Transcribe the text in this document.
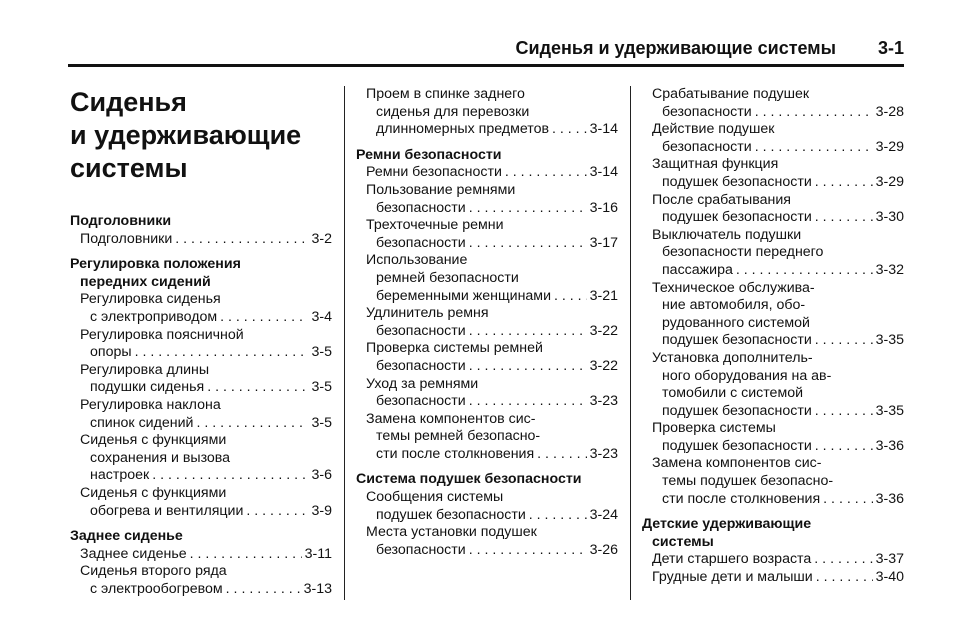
Сиденья и удерживающие системы 3-1
Сиденья
и удерживающие
системы
Подголовники
Подголовники . . .	3-2
Регулировка положения
передних сидений
Регулировка сиденья
с электроприводом . . .	3-4
Регулировка поясничной
опоры . . .	3-5
Регулировка длины
подушки сиденья . . .	3-5
Регулировка наклона
спинок сидений . . .	3-5
Сиденья с функциями
сохранения и вызова
настроек . . .	3-6
Сиденья с функциями
обогрева и вентиляции . . .	3-9
Заднее сиденье
Заднее сиденье . . .	3-11
Сиденья второго ряда
с электрообогревом . . .	3-13
Проем в спинке заднего
сиденья для перевозки
длинномерных предметов . . .	3-14
Ремни безопасности
Ремни безопасности . . .	3-14
Пользование ремнями
безопасности . . .	3-16
Трехточечные ремни
безопасности . . .	3-17
Использование
ремней безопасности
беременными женщинами . . .	3-21
Удлинитель ремня
безопасности . . .	3-22
Проверка системы ремней
безопасности . . .	3-22
Уход за ремнями
безопасности . . .	3-23
Замена компонентов сис-
темы ремней безопасно-
сти после столкновения . . .	3-23
Система подушек безопасности
Сообщения системы
подушек безопасности . . .	3-24
Места установки подушек
безопасности . . .	3-26
Срабатывание подушек
безопасности . . .	3-28
Действие подушек
безопасности . . .	3-29
Защитная функция
подушек безопасности . . .	3-29
После срабатывания
подушек безопасности . . .	3-30
Выключатель подушки
безопасности переднего
пассажира . . .	3-32
Техническое обслужива-
ние автомобиля, обо-
рудованного системой
подушек безопасности . . .	3-35
Установка дополнитель-
ного оборудования на ав-
томобили с системой
подушек безопасности . . .	3-35
Проверка системы
подушек безопасности . . .	3-36
Замена компонентов сис-
темы подушек безопасно-
сти после столкновения . . .	3-36
Детские удерживающие
системы
Дети старшего возраста . . .	3-37
Грудные дети и малыши . . .	3-40
